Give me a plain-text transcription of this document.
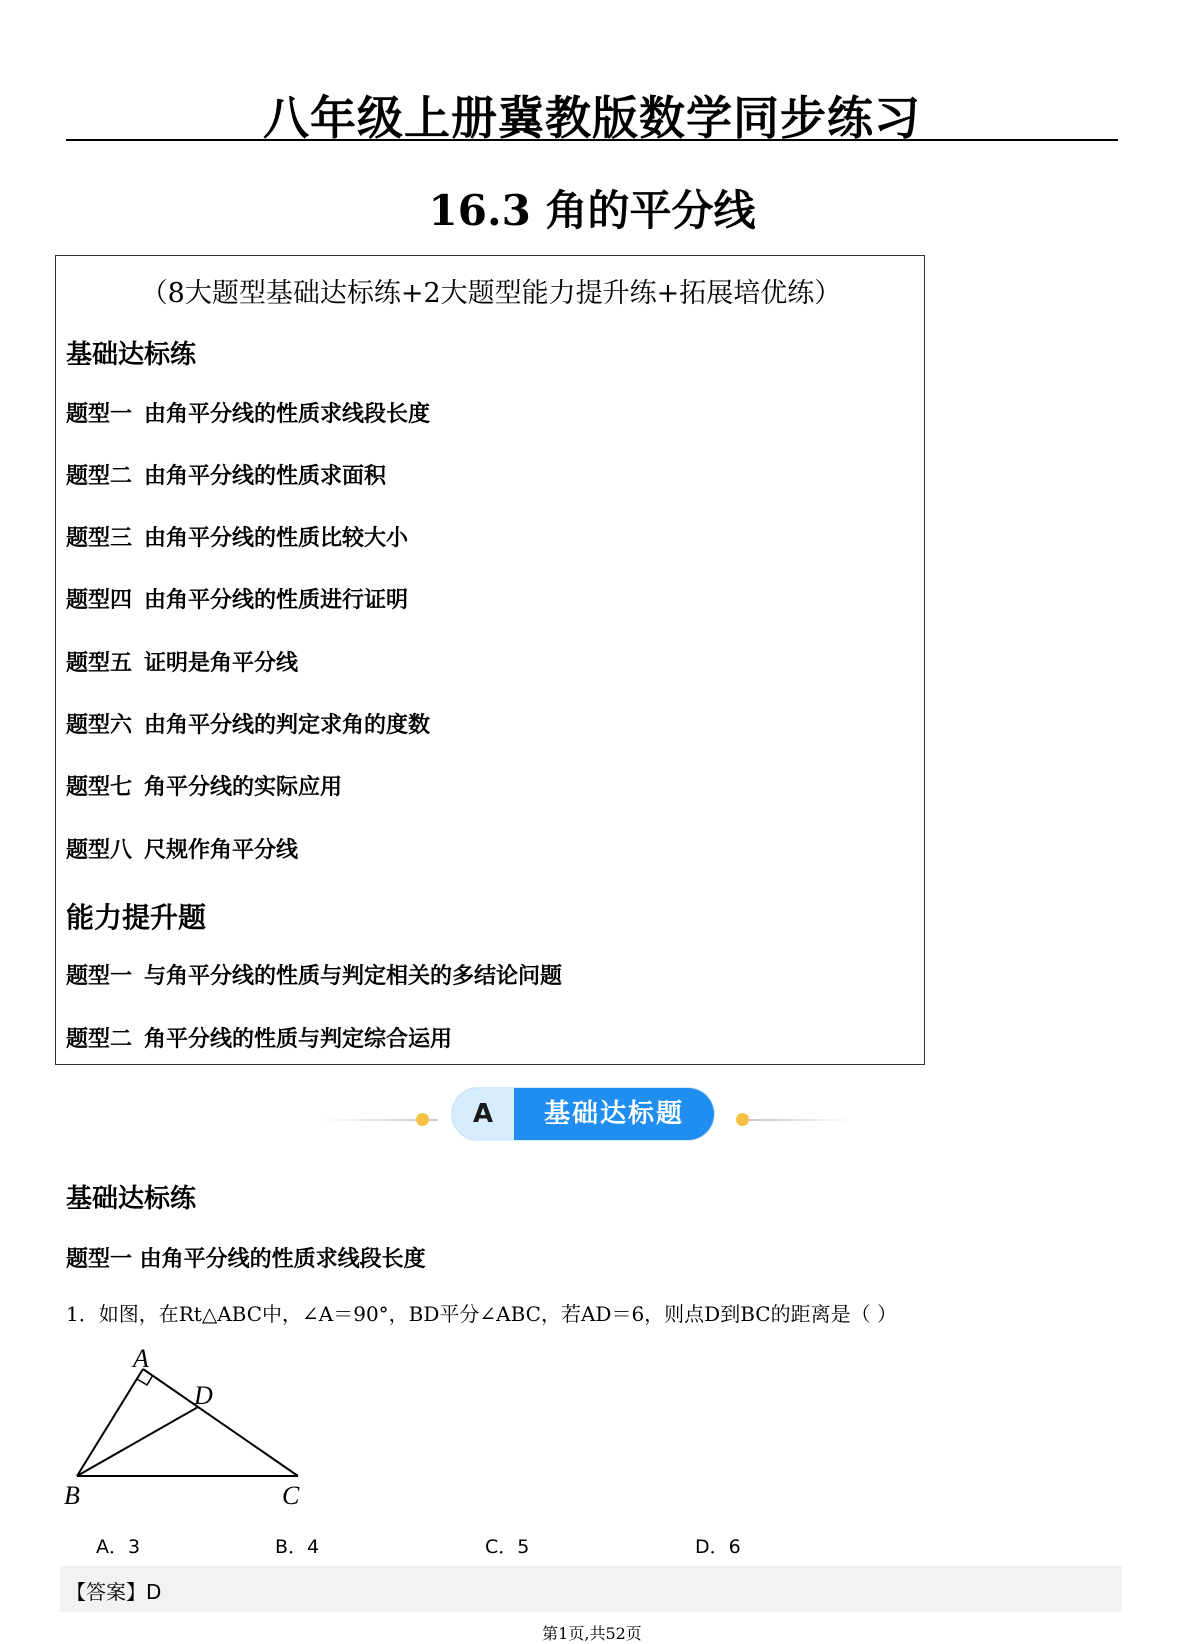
八年级上册冀教版数学同步练习
16.3 角的平分线
（8大题型基础达标练+2大题型能力提升练+拓展培优练）
基础达标练
题型一 由角平分线的性质求线段长度
题型二 由角平分线的性质求面积
题型三 由角平分线的性质比较大小
题型四 由角平分线的性质进行证明
题型五 证明是角平分线
题型六 由角平分线的判定求角的度数
题型七 角平分线的实际应用
题型八 尺规作角平分线
能力提升题
题型一 与角平分线的性质与判定相关的多结论问题
题型二 角平分线的性质与判定综合运用
A	基础达标题
基础达标练
题型一 由角平分线的性质求线段长度
1．如图，在Rt△ABC中，∠A＝90°，BD平分∠ABC，若AD＝6，则点D到BC的距离是（ ）
A
D
B	C
A．3	B．4	C．5	D．6
【答案】D
第1页,共52页
